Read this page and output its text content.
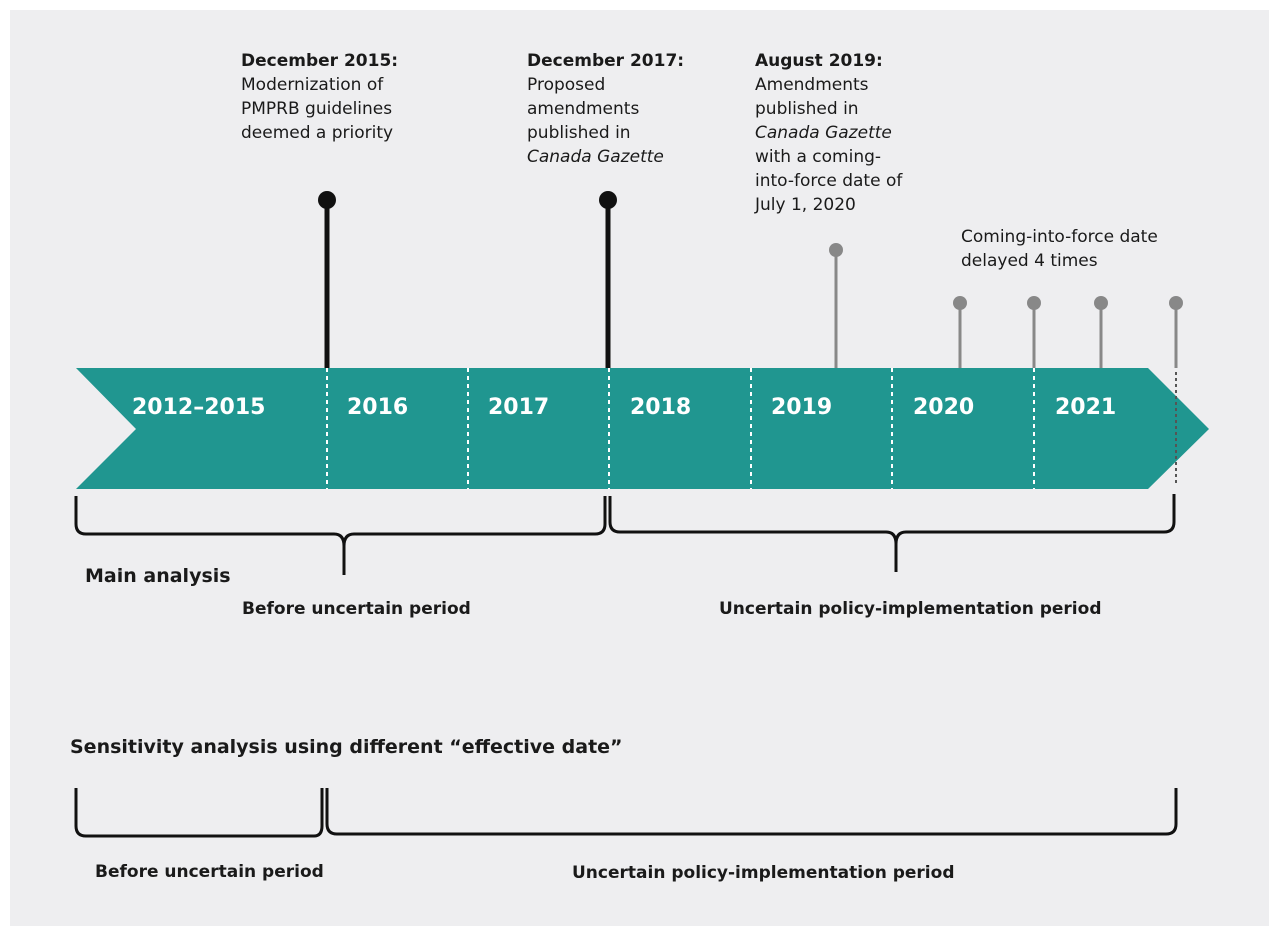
December 2015:
Modernization of
PMPRB guidelines
deemed a priority
December 2017:
Proposed
amendments
published in
Canada Gazette
August 2019:
Amendments
published in
Canada Gazette
with a coming-
into-force date of
July 1, 2020
Coming-into-force date
delayed 4 times
2012–2015	2016	2017	2018	2019	2020	2021
Main analysis
Before uncertain period	Uncertain policy-implementation period
Sensitivity analysis using different “effective date”
Before uncertain period	Uncertain policy-implementation period
